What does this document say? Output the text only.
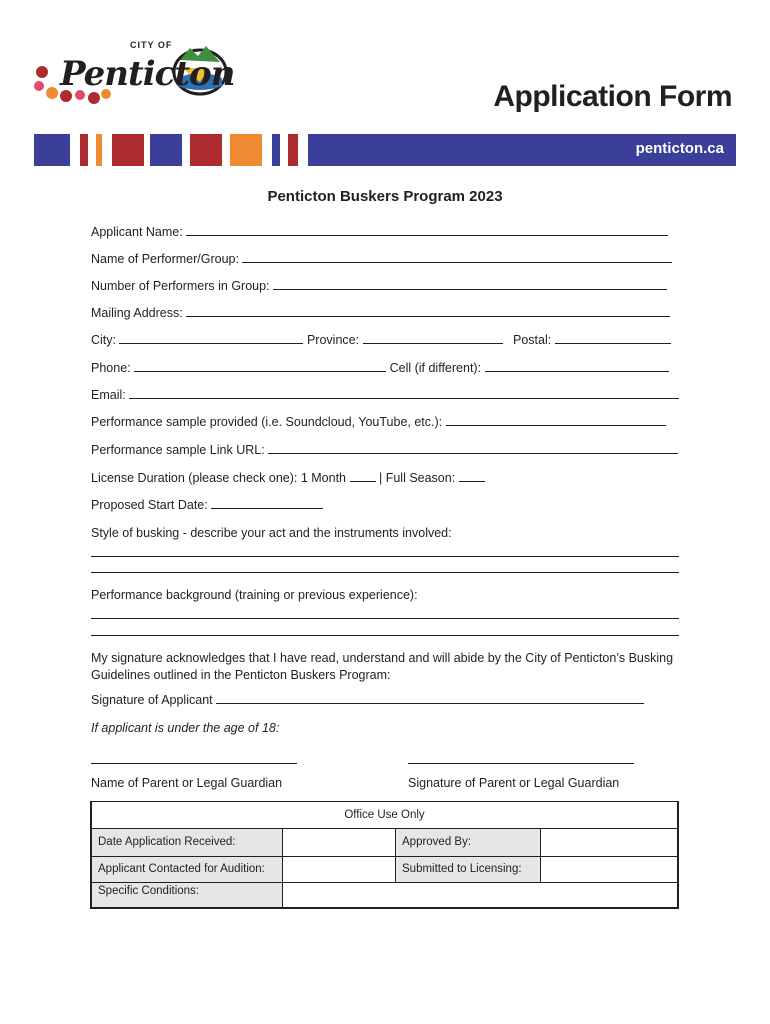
CITY OF
Penticton
Application Form
penticton.ca
Penticton Buskers Program 2023
Applicant Name:
Name of Performer/Group:
Number of Performers in Group:
Mailing Address:
City:	Province:	Postal:
Phone:	Cell (if different):
Email:
Performance sample provided (i.e. Soundcloud, YouTube, etc.):
Performance sample Link URL:
License Duration (please check one): 1 Month	| Full Season:
Proposed Start Date:
Style of busking - describe your act and the instruments involved:
Performance background (training or previous experience):
My signature acknowledges that I have read, understand and will abide by the City of Penticton’s Busking Guidelines outlined in the Penticton Buskers Program:
Signature of Applicant
If applicant is under the age of 18:
Name of Parent or Legal Guardian	Signature of Parent or Legal Guardian
Office Use Only			
Date Application Received:		Approved By:	
Applicant Contacted for Audition:		Submitted to Licensing:	
Specific Conditions:			
